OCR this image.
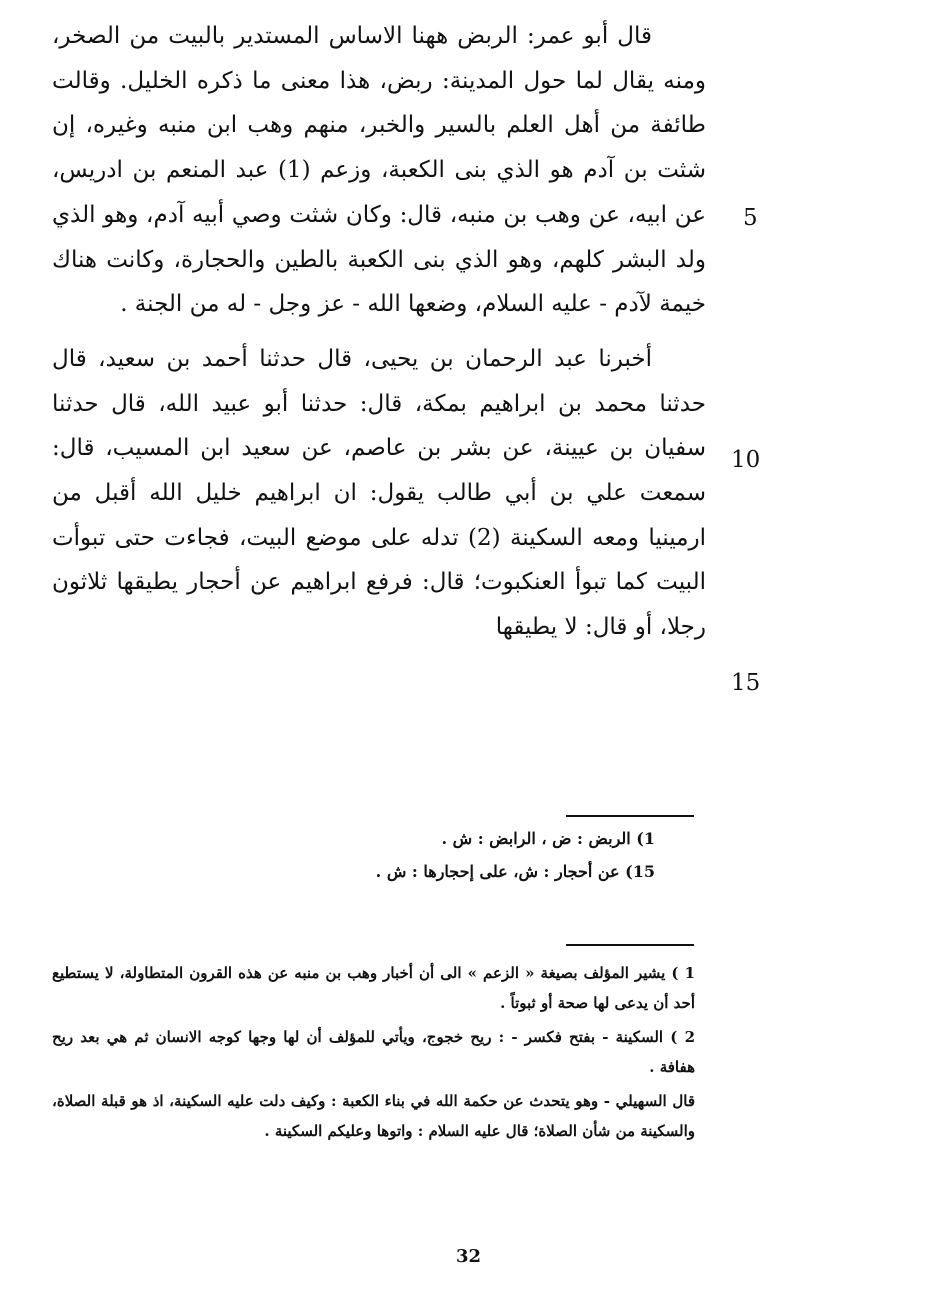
قال أبو عمر: الربض ههنا الاساس المستدير بالبيت من الصخر، ومنه يقال لما حول المدينة: ربض، هذا معنى ما ذكره الخليل. وقالت طائفة من أهل العلم بالسير والخبر، منهم وهب ابن منبه وغيره، إن شثت بن آدم هو الذي بنى الكعبة، وزعم (1) عبد المنعم بن ادريس، عن ابيه، عن وهب بن منبه، قال: وكان شثت وصي أبيه آدم، وهو الذي ولد البشر كلهم، وهو الذي بنى الكعبة بالطين والحجارة، وكانت هناك خيمة لآدم - عليه السلام، وضعها الله - عز وجل - له من الجنة .

أخبرنا عبد الرحمان بن يحيى، قال حدثنا أحمد بن سعيد، قال حدثنا محمد بن ابراهيم بمكة، قال: حدثنا أبو عبيد الله، قال حدثنا سفيان بن عيينة، عن بشر بن عاصم، عن سعيد ابن المسيب، قال: سمعت علي بن أبي طالب يقول: ان ابراهيم خليل الله أقبل من ارمينيا ومعه السكينة (2) تدله على موضع البيت، فجاءت حتى تبوأت البيت كما تبوأ العنكبوت؛ قال: فرفع ابراهيم عن أحجار يطيقها ثلاثون رجلا، أو قال: لا يطيقها

5
10
15

1) الربض : ض ، الرابض : ش .

15) عن أحجار : ش، على إحجارها : ش .

1 ) يشير المؤلف بصيغة « الزعم » الى أن أخبار وهب بن منبه عن هذه القرون المتطاولة، لا يستطيع أحد أن يدعى لها صحة أو ثبوتاً .

2 ) السكينة - بفتح فكسر - : ريح خجوج، ويأتي للمؤلف أن لها وجها كوجه الانسان ثم هي بعد ريح هفافة .

قال السهيلي - وهو يتحدث عن حكمة الله في بناء الكعبة : وكيف دلت عليه السكينة، اذ هو قبلة الصلاة، والسكينة من شأن الصلاة؛ قال عليه السلام : واتوها وعليكم السكينة .

32
